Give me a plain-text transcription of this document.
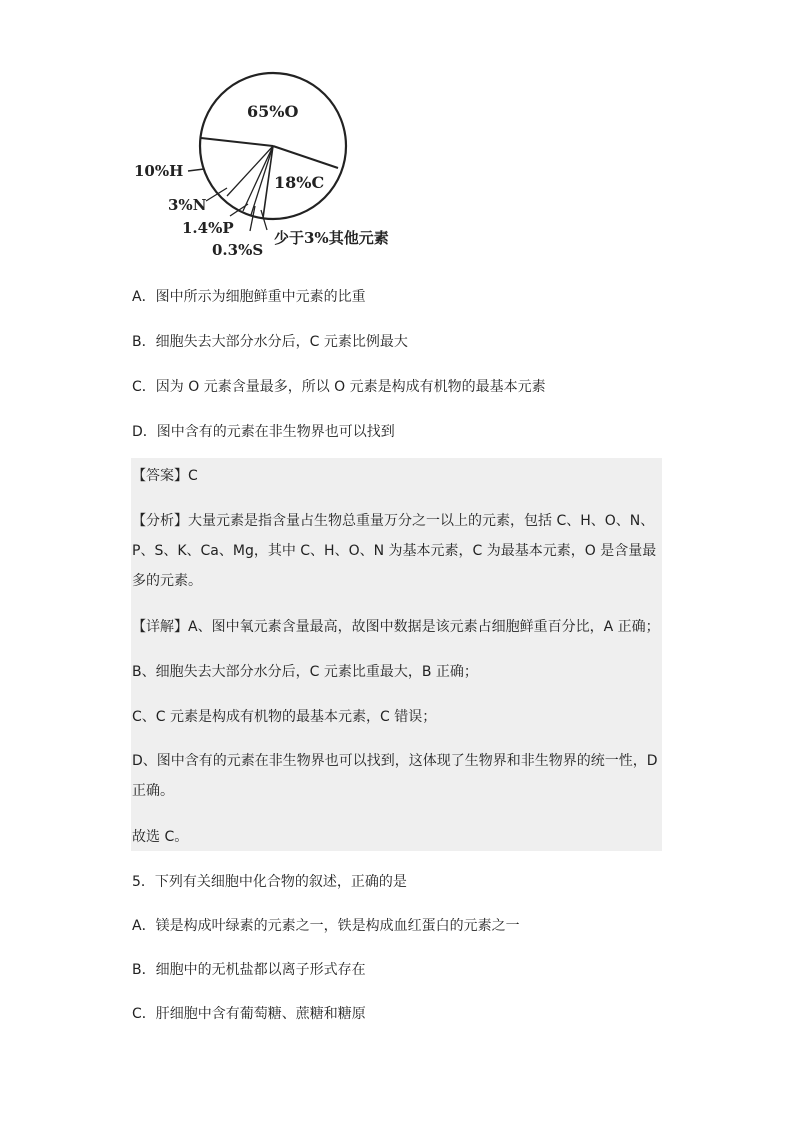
65%O
18%C
10%H
3%N
1.4%P
0.3%S
少于3%其他元素
A．图中所示为细胞鲜重中元素的比重
B．细胞失去大部分水分后，C 元素比例最大
C．因为 O 元素含量最多，所以 O 元素是构成有机物的最基本元素
D．图中含有的元素在非生物界也可以找到
【答案】C
【分析】大量元素是指含量占生物总重量万分之一以上的元素，包括 C、H、O、N、P、S、K、Ca、Mg，其中 C、H、O、N 为基本元素，C 为最基本元素，O 是含量最多的元素。
【详解】A、图中氧元素含量最高，故图中数据是该元素占细胞鲜重百分比，A 正确；
B、细胞失去大部分水分后，C 元素比重最大，B 正确；
C、C 元素是构成有机物的最基本元素，C 错误；
D、图中含有的元素在非生物界也可以找到，这体现了生物界和非生物界的统一性，D 正确。
故选 C。
5．下列有关细胞中化合物的叙述，正确的是
A．镁是构成叶绿素的元素之一，铁是构成血红蛋白的元素之一
B．细胞中的无机盐都以离子形式存在
C．肝细胞中含有葡萄糖、蔗糖和糖原
